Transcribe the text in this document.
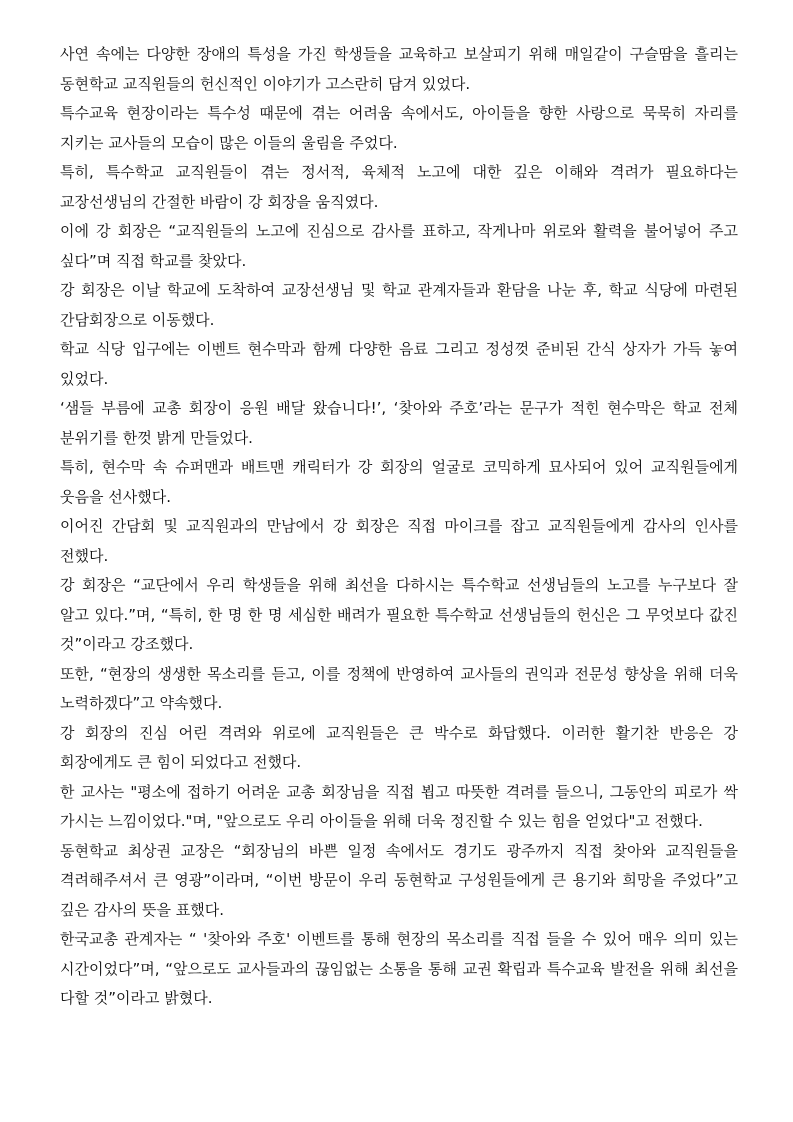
사연 속에는 다양한 장애의 특성을 가진 학생들을 교육하고 보살피기 위해 매일같이 구슬땀을 흘리는 동현학교 교직원들의 헌신적인 이야기가 고스란히 담겨 있었다.

특수교육 현장이라는 특수성 때문에 겪는 어려움 속에서도, 아이들을 향한 사랑으로 묵묵히 자리를 지키는 교사들의 모습이 많은 이들의 울림을 주었다.

특히, 특수학교 교직원들이 겪는 정서적, 육체적 노고에 대한 깊은 이해와 격려가 필요하다는 교장선생님의 간절한 바람이 강 회장을 움직였다.

이에 강 회장은 “교직원들의 노고에 진심으로 감사를 표하고, 작게나마 위로와 활력을 불어넣어 주고 싶다”며 직접 학교를 찾았다.

강 회장은 이날 학교에 도착하여 교장선생님 및 학교 관계자들과 환담을 나눈 후, 학교 식당에 마련된 간담회장으로 이동했다.

학교 식당 입구에는 이벤트 현수막과 함께 다양한 음료 그리고 정성껏 준비된 간식 상자가 가득 놓여 있었다.

‘샘들 부름에 교총 회장이 응원 배달 왔습니다!’, ‘찾아와 주호’라는 문구가 적힌 현수막은 학교 전체 분위기를 한껏 밝게 만들었다.

특히, 현수막 속 슈퍼맨과 배트맨 캐릭터가 강 회장의 얼굴로 코믹하게 묘사되어 있어 교직원들에게 웃음을 선사했다.

이어진 간담회 및 교직원과의 만남에서 강 회장은 직접 마이크를 잡고 교직원들에게 감사의 인사를 전했다.

강 회장은 “교단에서 우리 학생들을 위해 최선을 다하시는 특수학교 선생님들의 노고를 누구보다 잘 알고 있다.”며, “특히, 한 명 한 명 세심한 배려가 필요한 특수학교 선생님들의 헌신은 그 무엇보다 값진 것”이라고 강조했다.

또한, “현장의 생생한 목소리를 듣고, 이를 정책에 반영하여 교사들의 권익과 전문성 향상을 위해 더욱 노력하겠다”고 약속했다.

강 회장의 진심 어린 격려와 위로에 교직원들은 큰 박수로 화답했다. 이러한 활기찬 반응은 강 회장에게도 큰 힘이 되었다고 전했다.

한 교사는 "평소에 접하기 어려운 교총 회장님을 직접 뵙고 따뜻한 격려를 들으니, 그동안의 피로가 싹 가시는 느낌이었다."며, "앞으로도 우리 아이들을 위해 더욱 정진할 수 있는 힘을 얻었다"고 전했다.

동현학교 최상권 교장은 “회장님의 바쁜 일정 속에서도 경기도 광주까지 직접 찾아와 교직원들을 격려해주셔서 큰 영광”이라며, “이번 방문이 우리 동현학교 구성원들에게 큰 용기와 희망을 주었다”고 깊은 감사의 뜻을 표했다.

한국교총 관계자는 “ '찾아와 주호' 이벤트를 통해 현장의 목소리를 직접 들을 수 있어 매우 의미 있는 시간이었다”며, “앞으로도 교사들과의 끊임없는 소통을 통해 교권 확립과 특수교육 발전을 위해 최선을 다할 것”이라고 밝혔다.
